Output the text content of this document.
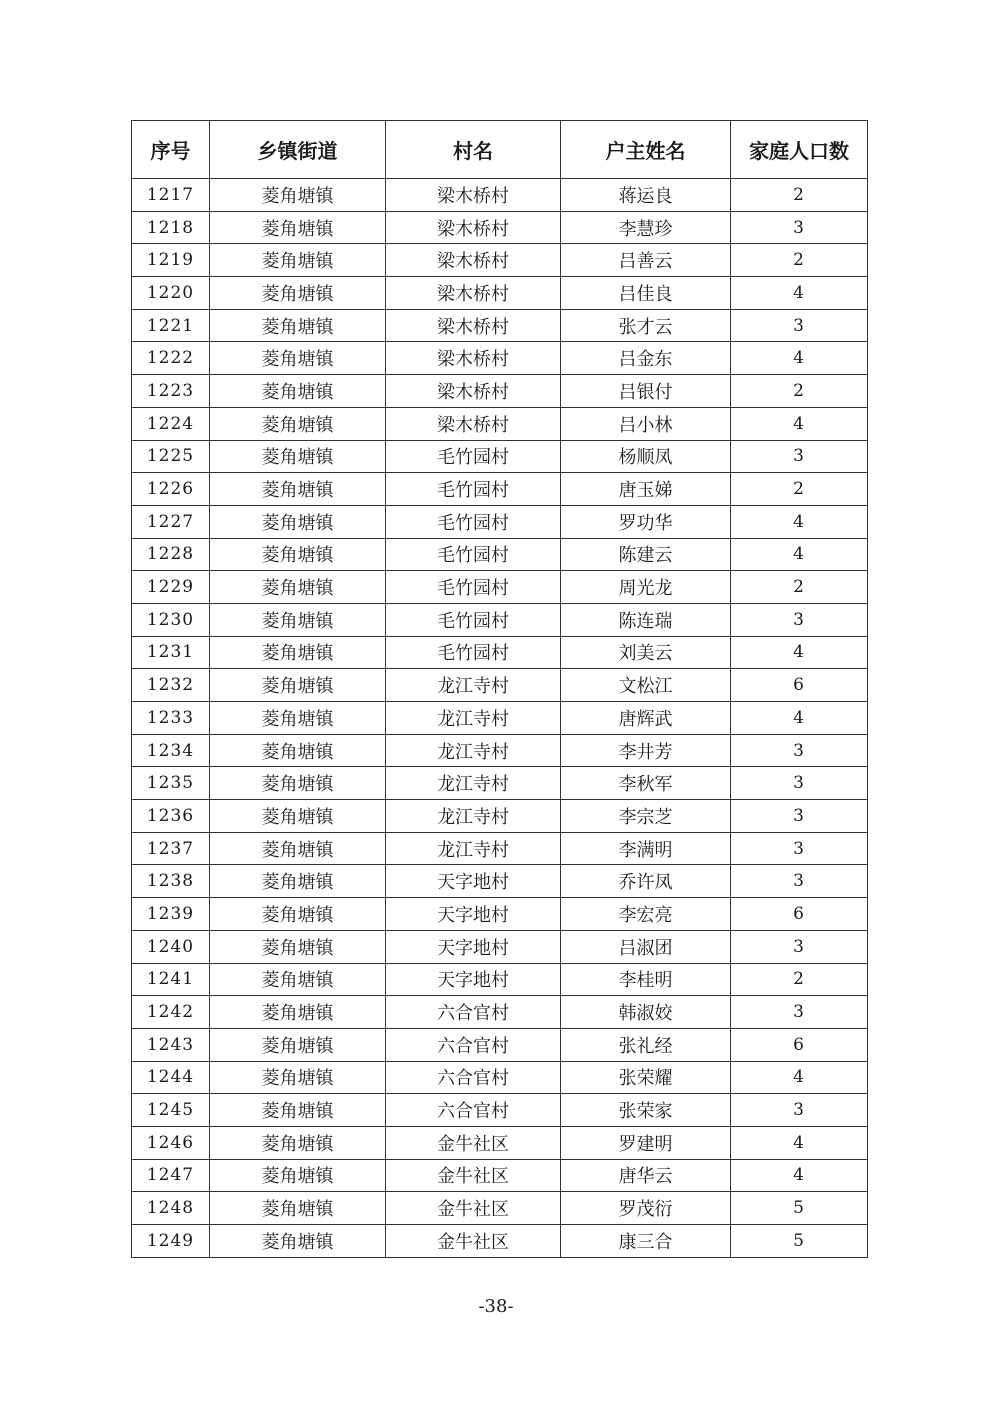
序号	乡镇街道	村名	户主姓名	家庭人口数
1217	菱角塘镇	梁木桥村	蒋运良	2
1218	菱角塘镇	梁木桥村	李慧珍	3
1219	菱角塘镇	梁木桥村	吕善云	2
1220	菱角塘镇	梁木桥村	吕佳良	4
1221	菱角塘镇	梁木桥村	张才云	3
1222	菱角塘镇	梁木桥村	吕金东	4
1223	菱角塘镇	梁木桥村	吕银付	2
1224	菱角塘镇	梁木桥村	吕小林	4
1225	菱角塘镇	毛竹园村	杨顺凤	3
1226	菱角塘镇	毛竹园村	唐玉娣	2
1227	菱角塘镇	毛竹园村	罗功华	4
1228	菱角塘镇	毛竹园村	陈建云	4
1229	菱角塘镇	毛竹园村	周光龙	2
1230	菱角塘镇	毛竹园村	陈连瑞	3
1231	菱角塘镇	毛竹园村	刘美云	4
1232	菱角塘镇	龙江寺村	文松江	6
1233	菱角塘镇	龙江寺村	唐辉武	4
1234	菱角塘镇	龙江寺村	李井芳	3
1235	菱角塘镇	龙江寺村	李秋军	3
1236	菱角塘镇	龙江寺村	李宗芝	3
1237	菱角塘镇	龙江寺村	李满明	3
1238	菱角塘镇	天字地村	乔许凤	3
1239	菱角塘镇	天字地村	李宏亮	6
1240	菱角塘镇	天字地村	吕淑团	3
1241	菱角塘镇	天字地村	李桂明	2
1242	菱角塘镇	六合官村	韩淑姣	3
1243	菱角塘镇	六合官村	张礼经	6
1244	菱角塘镇	六合官村	张荣耀	4
1245	菱角塘镇	六合官村	张荣家	3
1246	菱角塘镇	金牛社区	罗建明	4
1247	菱角塘镇	金牛社区	唐华云	4
1248	菱角塘镇	金牛社区	罗茂衍	5
1249	菱角塘镇	金牛社区	康三合	5
-38-
